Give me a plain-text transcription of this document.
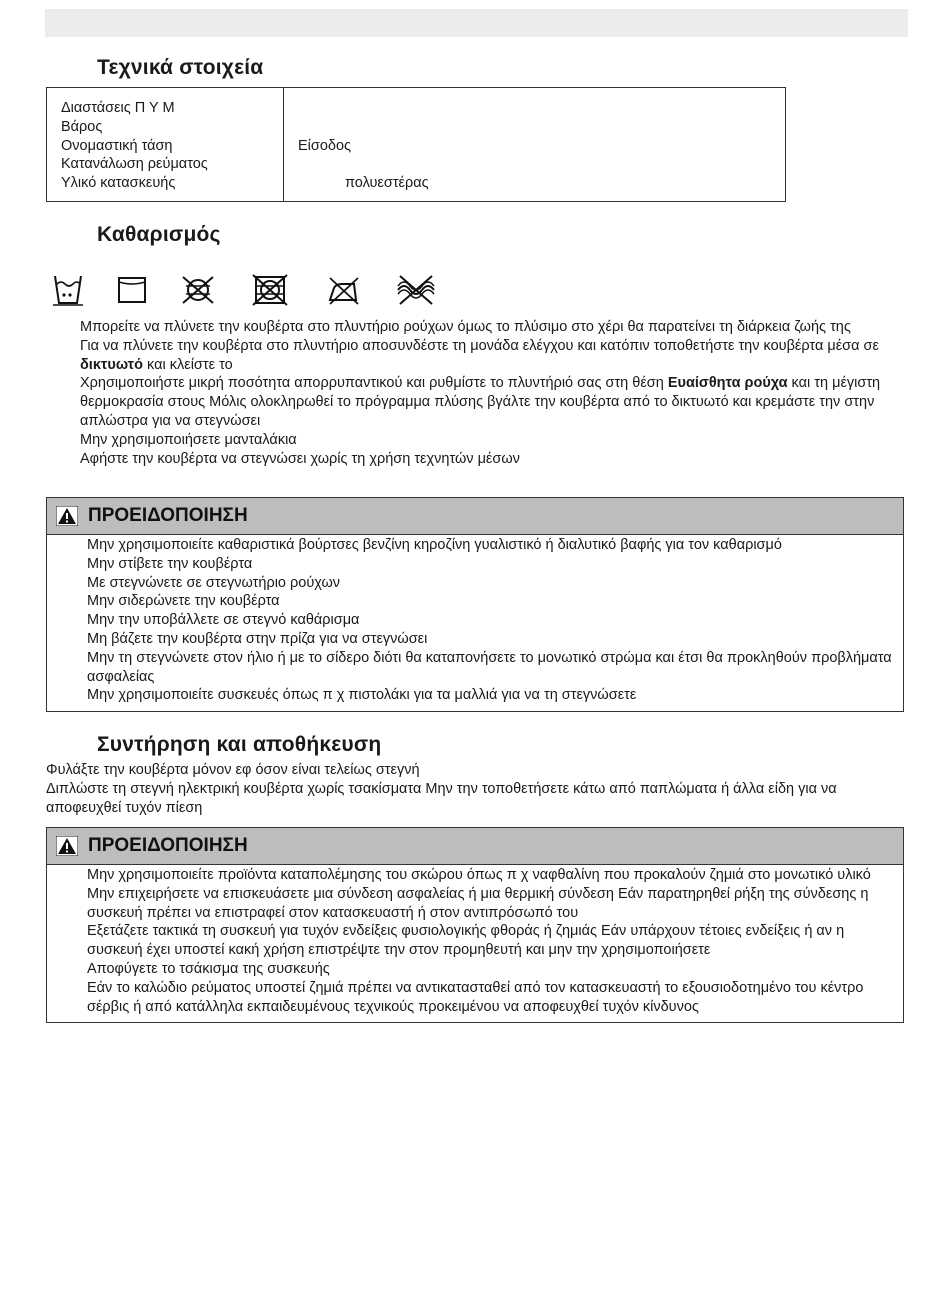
Τεχνικά στοιχεία
Διαστάσεις Π Υ Μ
Βάρος
Ονομαστική τάση
Κατανάλωση ρεύματος
Υλικό κατασκευής

Είσοδος

πολυεστέρας
Καθαρισμός
Μπορείτε να πλύνετε την κουβέρτα στο πλυντήριο ρούχων όμως το πλύσιμο στο χέρι θα παρατείνει τη διάρκεια ζωής της
Για να πλύνετε την κουβέρτα στο πλυντήριο αποσυνδέστε τη μονάδα ελέγχου και κατόπιν τοποθετήστε την κουβέρτα μέσα σε δικτυωτό και κλείστε το
Χρησιμοποιήστε μικρή ποσότητα απορρυπαντικού και ρυθμίστε το πλυντήριό σας στη θέση Ευαίσθητα ρούχα και τη μέγιστη θερμοκρασία στους Μόλις ολοκληρωθεί το πρόγραμμα πλύσης βγάλτε την κουβέρτα από το δικτυωτό και κρεμάστε την στην απλώστρα για να στεγνώσει
Μην χρησιμοποιήσετε μανταλάκια
Αφήστε την κουβέρτα να στεγνώσει χωρίς τη χρήση τεχνητών μέσων
ΠΡΟΕΙΔΟΠΟΙΗΣΗ
Μην χρησιμοποιείτε καθαριστικά βούρτσες βενζίνη κηροζίνη γυαλιστικό ή διαλυτικό βαφής για τον καθαρισμό
Μην στίβετε την κουβέρτα
Με στεγνώνετε σε στεγνωτήριο ρούχων
Μην σιδερώνετε την κουβέρτα
Μην την υποβάλλετε σε στεγνό καθάρισμα
Μη βάζετε την κουβέρτα στην πρίζα για να στεγνώσει
Μην τη στεγνώνετε στον ήλιο ή με το σίδερο διότι θα καταπονήσετε το μονωτικό στρώμα και έτσι θα προκληθούν προβλήματα ασφαλείας
Μην χρησιμοποιείτε συσκευές όπως π χ πιστολάκι για τα μαλλιά για να τη στεγνώσετε
Συντήρηση και αποθήκευση
Φυλάξτε την κουβέρτα μόνον εφ όσον είναι τελείως στεγνή
Διπλώστε τη στεγνή ηλεκτρική κουβέρτα χωρίς τσακίσματα Μην την τοποθετήσετε κάτω από παπλώματα ή άλλα είδη για να αποφευχθεί τυχόν πίεση
ΠΡΟΕΙΔΟΠΟΙΗΣΗ
Μην χρησιμοποιείτε προϊόντα καταπολέμησης του σκώρου όπως π χ ναφθαλίνη που προκαλούν ζημιά στο μονωτικό υλικό
Μην επιχειρήσετε να επισκευάσετε μια σύνδεση ασφαλείας ή μια θερμική σύνδεση Εάν παρατηρηθεί ρήξη της σύνδεσης η συσκευή πρέπει να επιστραφεί στον κατασκευαστή ή στον αντιπρόσωπό του
Εξετάζετε τακτικά τη συσκευή για τυχόν ενδείξεις φυσιολογικής φθοράς ή ζημιάς Εάν υπάρχουν τέτοιες ενδείξεις ή αν η συσκευή έχει υποστεί κακή χρήση επιστρέψτε την στον προμηθευτή και μην την χρησιμοποιήσετε
Αποφύγετε το τσάκισμα της συσκευής
Εάν το καλώδιο ρεύματος υποστεί ζημιά πρέπει να αντικατασταθεί από τον κατασκευαστή το εξουσιοδοτημένο του κέντρο σέρβις ή από κατάλληλα εκπαιδευμένους τεχνικούς προκειμένου να αποφευχθεί τυχόν κίνδυνος
